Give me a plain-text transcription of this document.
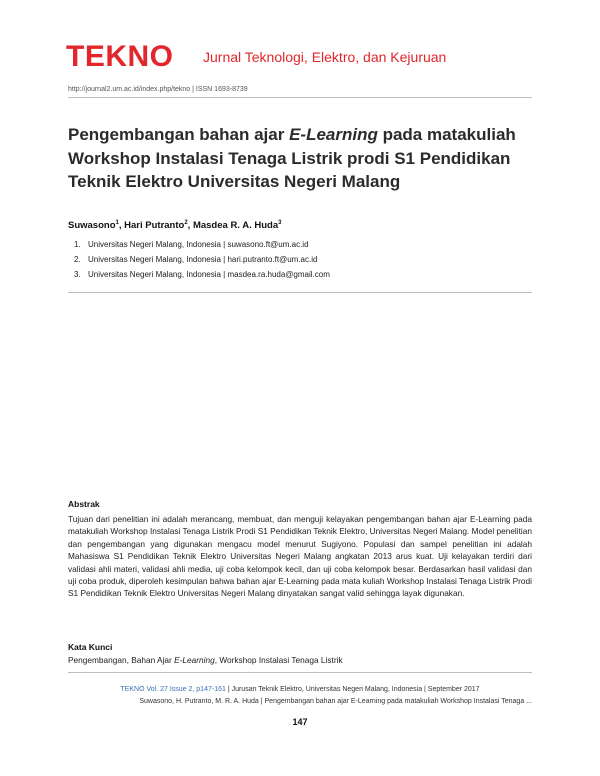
TEKNO Jurnal Teknologi, Elektro, dan Kejuruan
http://journal2.um.ac.id/index.php/tekno | ISSN 1693-8739
Pengembangan bahan ajar E-Learning pada matakuliah Workshop Instalasi Tenaga Listrik prodi S1 Pendidikan Teknik Elektro Universitas Negeri Malang
Suwasono$^1$, Hari Putranto$^2$, Masdea R. A. Huda$^3$
1. Universitas Negeri Malang, Indonesia | suwasono.ft@um.ac.id
2. Universitas Negeri Malang, Indonesia | hari.putranto.ft@um.ac.id
3. Universitas Negeri Malang, Indonesia | masdea.ra.huda@gmail.com
Abstrak
Tujuan dari penelitian ini adalah merancang, membuat, dan menguji kelayakan pengembangan bahan ajar E-Learning pada matakuliah Workshop Instalasi Tenaga Listrik Prodi S1 Pendidikan Teknik Elektro, Universitas Negeri Malang. Model penelitian dan pengembangan yang digunakan mengacu model menurut Sugiyono. Populasi dan sampel penelitian ini adalah Mahasiswa S1 Pendidikan Teknik Elektro Universitas Negeri Malang angkatan 2013 arus kuat. Uji kelayakan terdiri dari validasi ahli materi, validasi ahli media, uji coba kelompok kecil, dan uji coba kelompok besar. Berdasarkan hasil validasi dan uji coba produk, diperoleh kesimpulan bahwa bahan ajar E-Learning pada mata kuliah Workshop Instalasi Tenaga Listrik Prodi S1 Pendidikan Teknik Elektro Universitas Negeri Malang dinyatakan sangat valid sehingga layak digunakan.
Kata Kunci
Pengembangan, Bahan Ajar E-Learning, Workshop Instalasi Tenaga Listrik
TEKNO Vol. 27 Issue 2, p147-161 | Jurusan Teknik Elektro, Universitas Negeri Malang, Indonesia | September 2017
Suwasono, H. Putranto, M. R. A. Huda | Pengembangan bahan ajar E-Learning pada matakuliah Workshop Instalasi Tenaga ...
147
